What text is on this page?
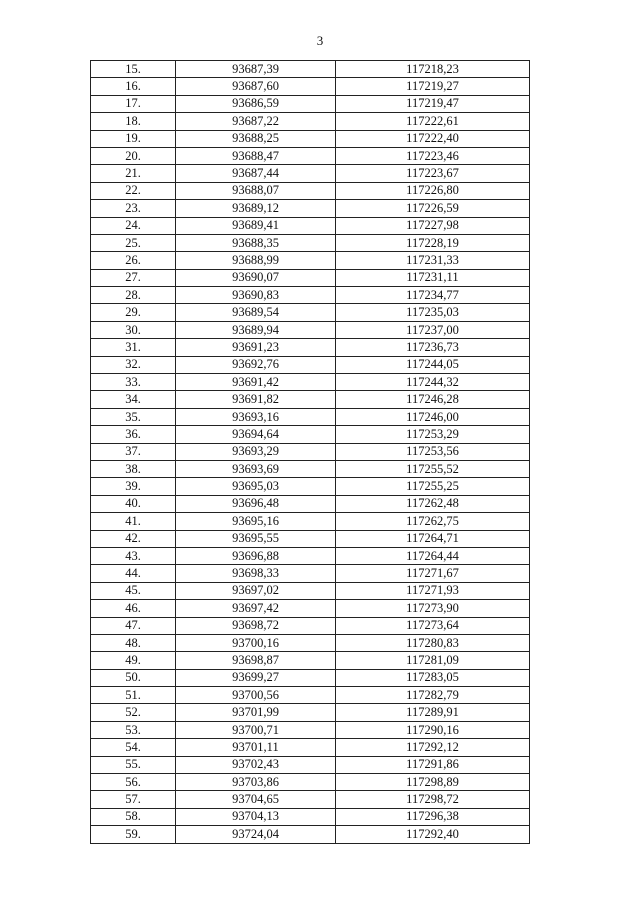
3
15.	93687,39	117218,23
16.	93687,60	117219,27
17.	93686,59	117219,47
18.	93687,22	117222,61
19.	93688,25	117222,40
20.	93688,47	117223,46
21.	93687,44	117223,67
22.	93688,07	117226,80
23.	93689,12	117226,59
24.	93689,41	117227,98
25.	93688,35	117228,19
26.	93688,99	117231,33
27.	93690,07	117231,11
28.	93690,83	117234,77
29.	93689,54	117235,03
30.	93689,94	117237,00
31.	93691,23	117236,73
32.	93692,76	117244,05
33.	93691,42	117244,32
34.	93691,82	117246,28
35.	93693,16	117246,00
36.	93694,64	117253,29
37.	93693,29	117253,56
38.	93693,69	117255,52
39.	93695,03	117255,25
40.	93696,48	117262,48
41.	93695,16	117262,75
42.	93695,55	117264,71
43.	93696,88	117264,44
44.	93698,33	117271,67
45.	93697,02	117271,93
46.	93697,42	117273,90
47.	93698,72	117273,64
48.	93700,16	117280,83
49.	93698,87	117281,09
50.	93699,27	117283,05
51.	93700,56	117282,79
52.	93701,99	117289,91
53.	93700,71	117290,16
54.	93701,11	117292,12
55.	93702,43	117291,86
56.	93703,86	117298,89
57.	93704,65	117298,72
58.	93704,13	117296,38
59.	93724,04	117292,40
